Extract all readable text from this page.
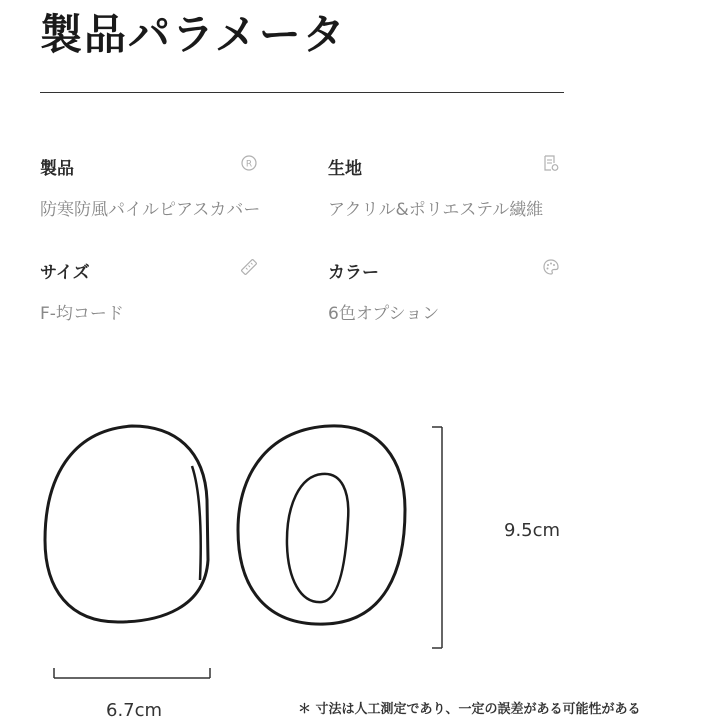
製品パラメータ
製品
防寒防風パイルピアスカバー
R	生地
アクリル&ポリエステル繊維
サイズ
F-均コード
カラー
6色オプション
9.5cm
6.7cm	＊ 寸法は人工測定であり、一定の誤差がある可能性がある
